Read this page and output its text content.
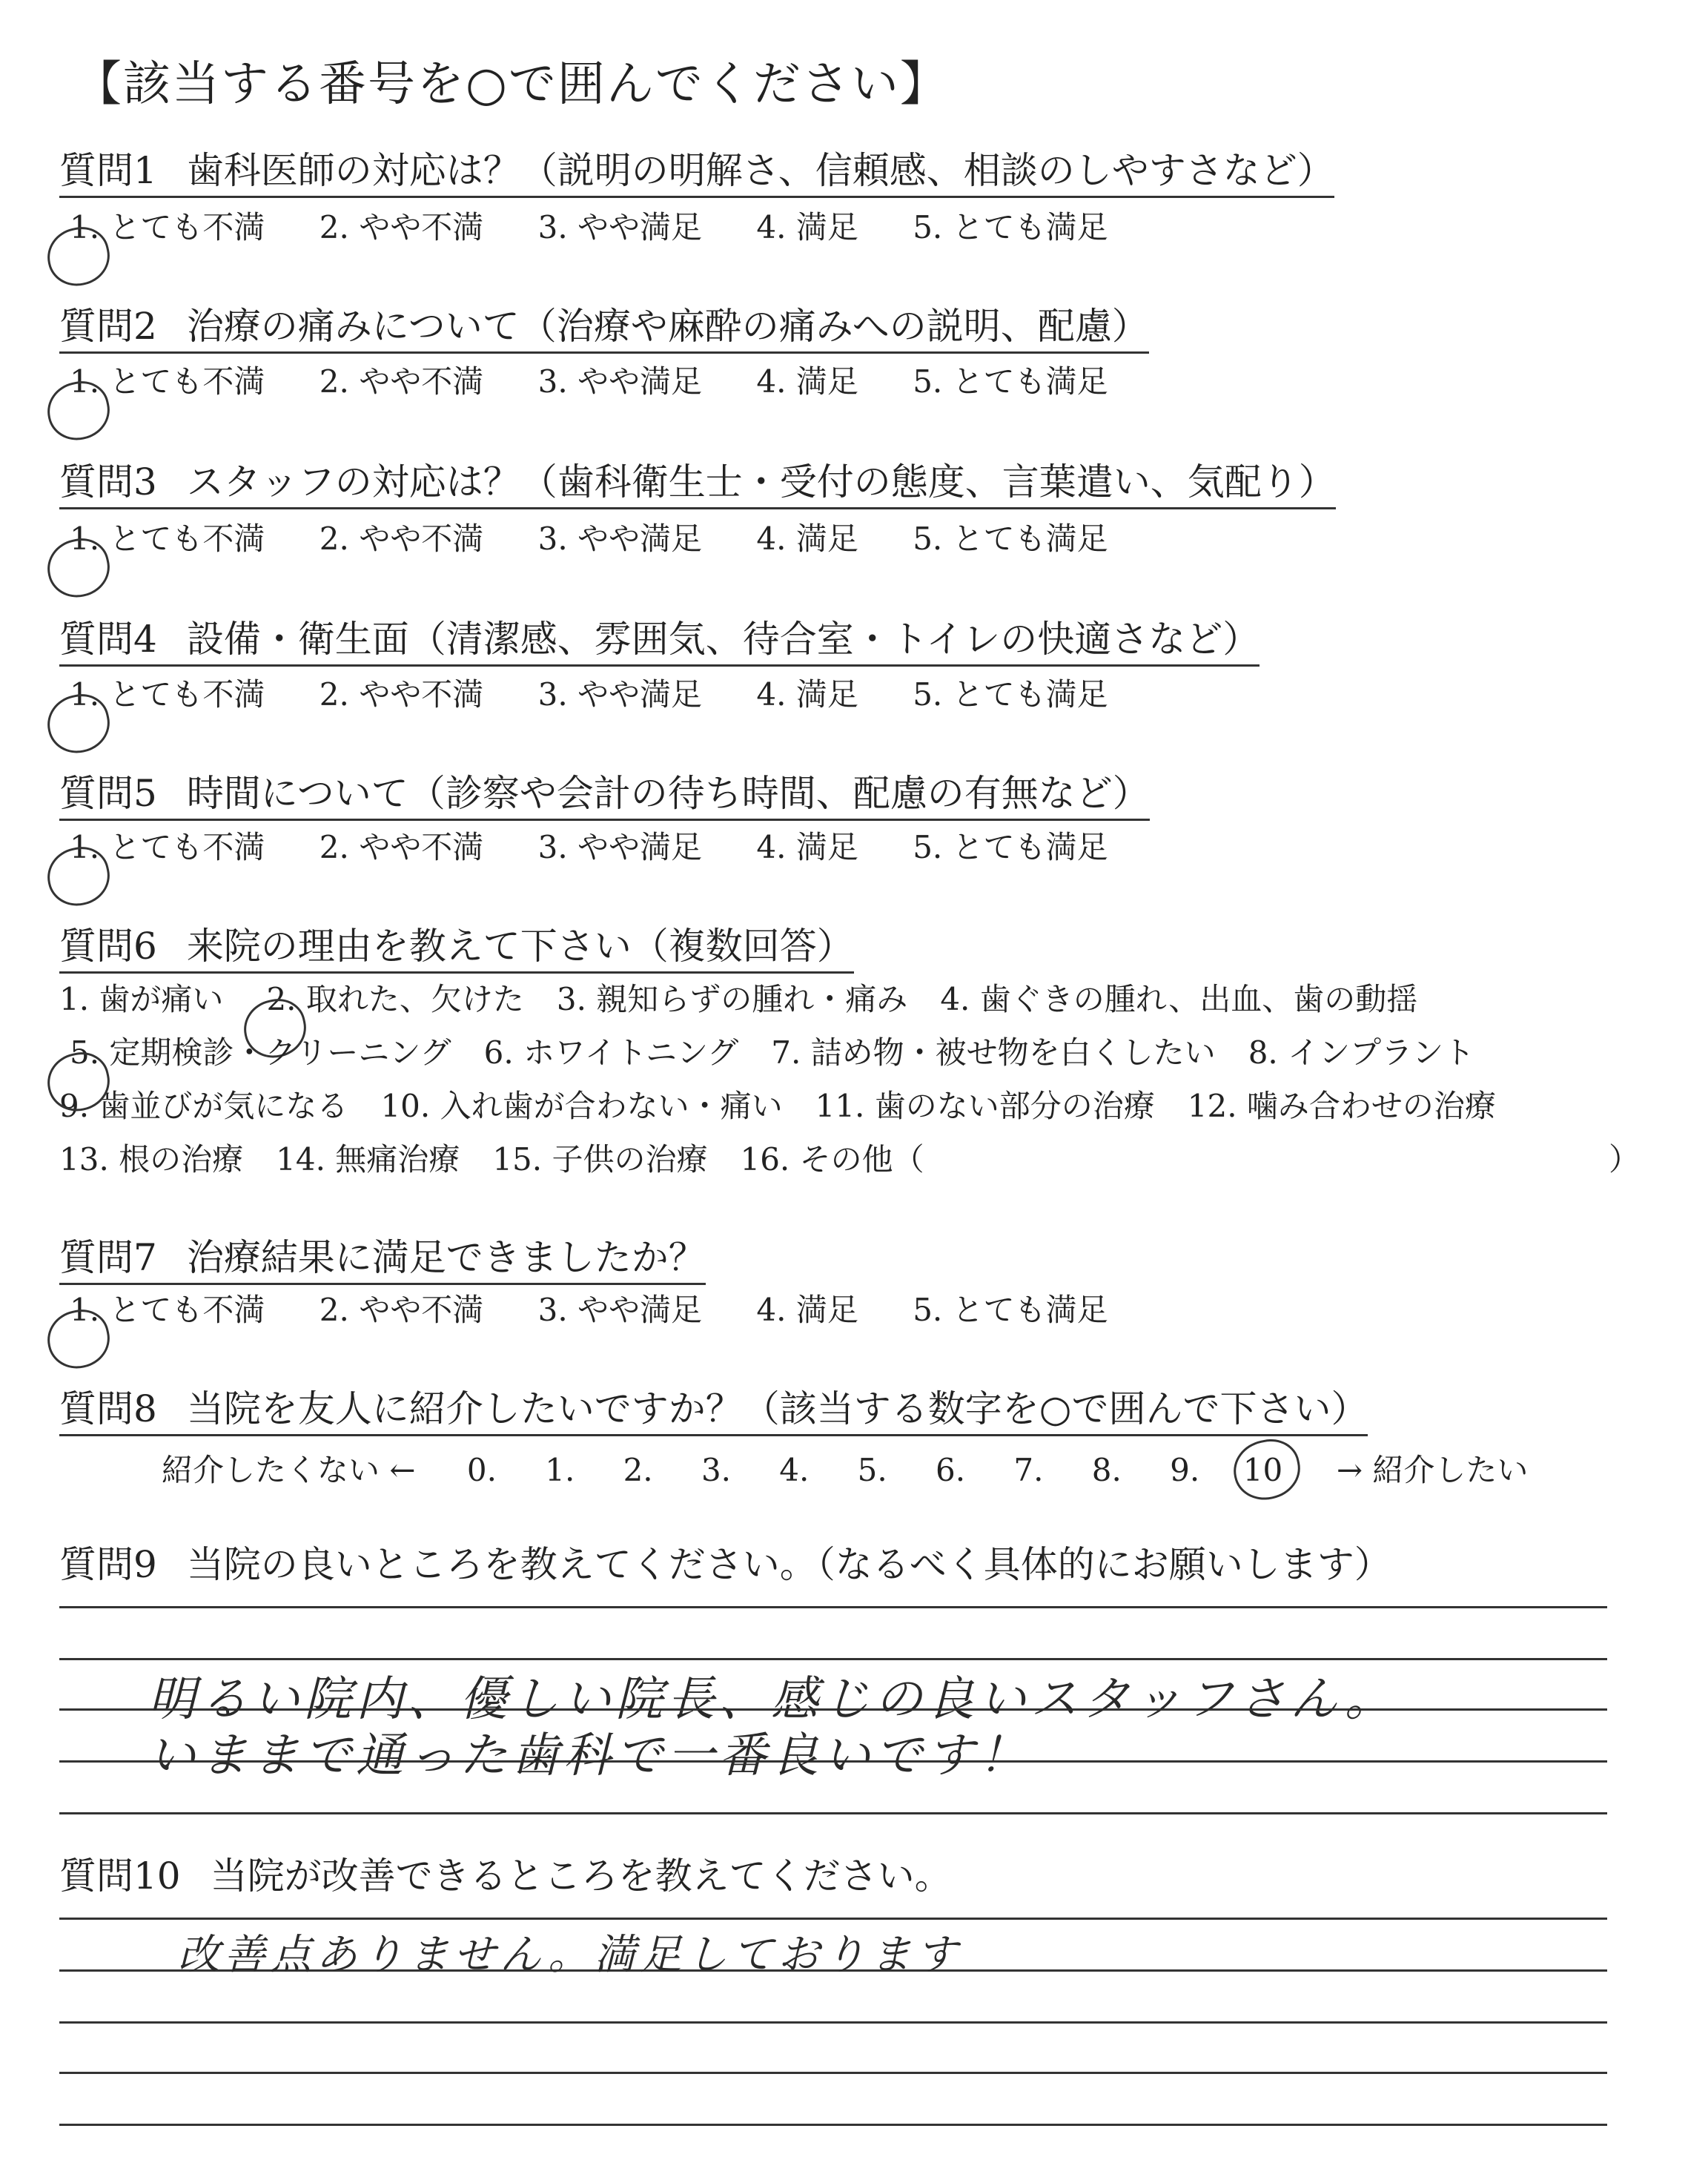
【該当する番号を○で囲んでください】
質問1 歯科医師の対応は？（説明の明解さ、信頼感、相談のしやすさなど）
1. とても不満 2. やや不満 3. やや満足 4. 満足 5. とても満足
質問2 治療の痛みについて（治療や麻酔の痛みへの説明、配慮）
1. とても不満 2. やや不満 3. やや満足 4. 満足 5. とても満足
質問3 スタッフの対応は？（歯科衛生士・受付の態度、言葉遣い、気配り）
1. とても不満 2. やや不満 3. やや満足 4. 満足 5. とても満足
質問4 設備・衛生面（清潔感、雰囲気、待合室・トイレの快適さなど）
1. とても不満 2. やや不満 3. やや満足 4. 満足 5. とても満足
質問5 時間について（診察や会計の待ち時間、配慮の有無など）
1. とても不満 2. やや不満 3. やや満足 4. 満足 5. とても満足
質問6 来院の理由を教えて下さい（複数回答）
1. 歯が痛い 2. 取れた、欠けた 3. 親知らずの腫れ・痛み 4. 歯ぐきの腫れ、出血、歯の動揺
5. 定期検診・クリーニング 6. ホワイトニング 7. 詰め物・被せ物を白くしたい 8. インプラント
9. 歯並びが気になる 10. 入れ歯が合わない・痛い 11. 歯のない部分の治療 12. 噛み合わせの治療
13. 根の治療 14. 無痛治療 15. 子供の治療 16. その他（	）
質問7 治療結果に満足できましたか？
1. とても不満 2. やや不満 3. やや満足 4. 満足 5. とても満足
質問8 当院を友人に紹介したいですか？（該当する数字を○で囲んで下さい）
紹介したくない ← 0. 1. 2. 3. 4. 5. 6. 7. 8. 9. 10 → 紹介したい
質問9 当院の良いところを教えてください。（なるべく具体的にお願いします）
明るい院内、優しい院長、感じの良いスタッフさん。
いままで通った歯科で一番良いです！
質問10 当院が改善できるところを教えてください。
改善点ありません。満足しております
